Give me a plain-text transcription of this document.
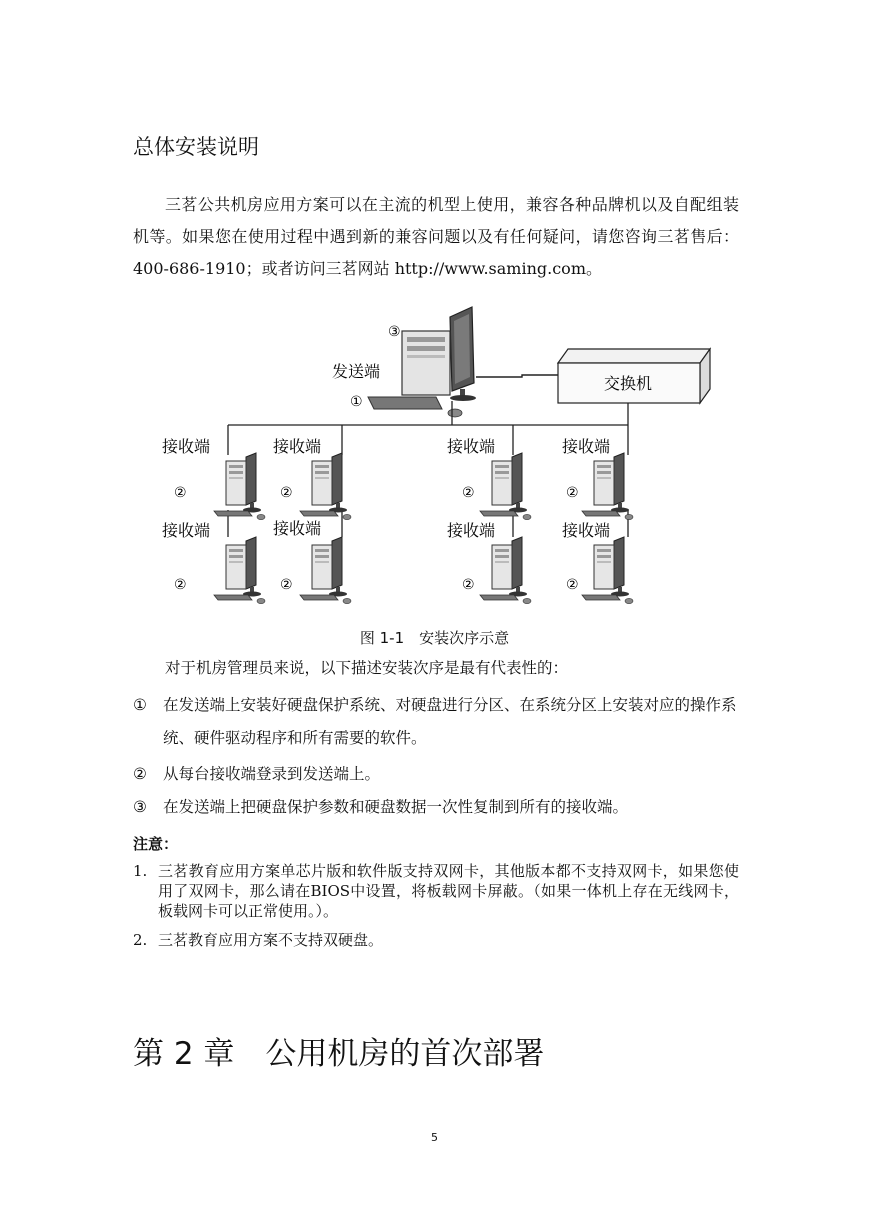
总体安装说明
三茗公共机房应用方案可以在主流的机型上使用，兼容各种品牌机以及自配组装机等。如果您在使用过程中遇到新的兼容问题以及有任何疑问，请您咨询三茗售后：400-686-1910；或者访问三茗网站 http://www.saming.com。
③
发送端
①
交换机
接收端	接收端	接收端	接收端
②	②	②	②
接收端	接收端	接收端	接收端
②	②	②	②
图 1-1　安装次序示意
对于机房管理员来说，以下描述安装次序是最有代表性的：
①	在发送端上安装好硬盘保护系统、对硬盘进行分区、在系统分区上安装对应的操作系统、硬件驱动程序和所有需要的软件。
②	从每台接收端登录到发送端上。
③	在发送端上把硬盘保护参数和硬盘数据一次性复制到所有的接收端。
注意：
1. 三茗教育应用方案单芯片版和软件版支持双网卡，其他版本都不支持双网卡，如果您使用了双网卡，那么请在BIOS中设置，将板载网卡屏蔽。（如果一体机上存在无线网卡，板载网卡可以正常使用。）。
2. 三茗教育应用方案不支持双硬盘。
第 2 章　公用机房的首次部署
5
